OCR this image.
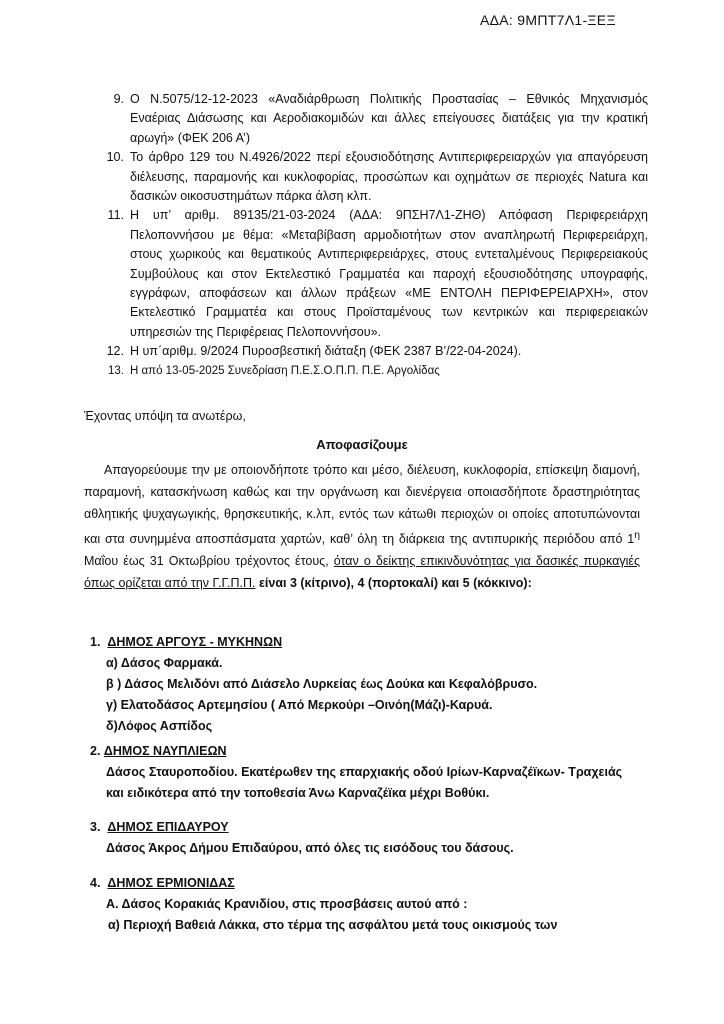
ΑΔΑ: 9ΜΠΤ7Λ1-ΞΕΞ
9. Ο Ν.5075/12-12-2023 «Αναδιάρθρωση Πολιτικής Προστασίας – Εθνικός Μηχανισμός Εναέριας Διάσωσης και Αεροδιακομιδών και άλλες επείγουσες διατάξεις για την κρατική αρωγή» (ΦΕΚ 206 Α’)
10. Το άρθρο 129 του Ν.4926/2022 περί εξουσιοδότησης Αντιπεριφερειαρχών για απαγόρευση διέλευσης, παραμονής και κυκλοφορίας, προσώπων και οχημάτων σε περιοχές Natura και δασικών οικοσυστημάτων πάρκα άλση κλπ.
11. Η υπ’ αριθμ. 89135/21-03-2024 (ΑΔΑ: 9ΠΣΗ7Λ1-ΖΗΘ) Απόφαση Περιφερειάρχη Πελοποννήσου με θέμα: «Μεταβίβαση αρμοδιοτήτων στον αναπληρωτή Περιφερειάρχη, στους χωρικούς και θεματικούς Αντιπεριφερειάρχες, στους εντεταλμένους Περιφερειακούς Συμβούλους και στον Εκτελεστικό Γραμματέα και παροχή εξουσιοδότησης υπογραφής, εγγράφων, αποφάσεων και άλλων πράξεων «ΜΕ ΕΝΤΟΛΗ ΠΕΡΙΦΕΡΕΙΑΡΧΗ», στον Εκτελεστικό Γραμματέα και στους Προϊσταμένους των κεντρικών και περιφερειακών υπηρεσιών της Περιφέρειας Πελοποννήσου».
12. Η υπ΄αριθμ. 9/2024 Πυροσβεστική διάταξη (ΦΕΚ 2387 Β’/22-04-2024).
13. Η από 13-05-2025 Συνεδρίαση Π.Ε.Σ.Ο.Π.Π. Π.Ε. Αργολίδας
Έχοντας υπόψη τα ανωτέρω,
Αποφασίζουμε
Απαγορεύουμε την με οποιονδήποτε τρόπο και μέσο, διέλευση, κυκλοφορία, επίσκεψη διαμονή, παραμονή, κατασκήνωση καθώς και την οργάνωση και διενέργεια οποιασδήποτε δραστηριότητας αθλητικής ψυχαγωγικής, θρησκευτικής, κ.λπ, εντός των κάτωθι περιοχών οι οποίες αποτυπώνονται και στα συνημμένα αποσπάσματα χαρτών, καθ’ όλη τη διάρκεια της αντιπυρικής περιόδου από $1^\eta$ Μαΐου έως 31 Οκτωβρίου τρέχοντος έτους, όταν ο δείκτης επικινδυνότητας για δασικές πυρκαγιές όπως ορίζεται από την Γ.Γ.Π.Π. είναι 3 (κίτρινο), 4 (πορτοκαλί) και 5 (κόκκινο):
1. ΔΗΜΟΣ ΑΡΓΟΥΣ - ΜΥΚΗΝΩΝ
α) Δάσος Φαρμακά.
β ) Δάσος Μελιδόνι από Διάσελο Λυρκείας έως Δούκα και Κεφαλόβρυσο.
γ) Ελατοδάσος Αρτεμησίου ( Από Μερκούρι –Οινόη(Μάζι)-Καρυά.
δ)Λόφος Ασπίδος
2. ΔΗΜΟΣ ΝΑΥΠΛΙΕΩΝ
Δάσος Σταυροποδίου. Εκατέρωθεν της επαρχιακής οδού Ιρίων-Καρναζέϊκων- Τραχειάς
και ειδικότερα από την τοποθεσία Άνω Καρναζέϊκα μέχρι Βοθύκι.
3. ΔΗΜΟΣ ΕΠΙΔΑΥΡΟΥ
Δάσος Άκρος Δήμου Επιδαύρου, από όλες τις εισόδους του δάσους.
4. ΔΗΜΟΣ ΕΡΜΙΟΝΙΔΑΣ
Α. Δάσος Κορακιάς Κρανιδίου, στις προσβάσεις αυτού από :
α) Περιοχή Βαθειά Λάκκα, στο τέρμα της ασφάλτου μετά τους οικισμούς των
